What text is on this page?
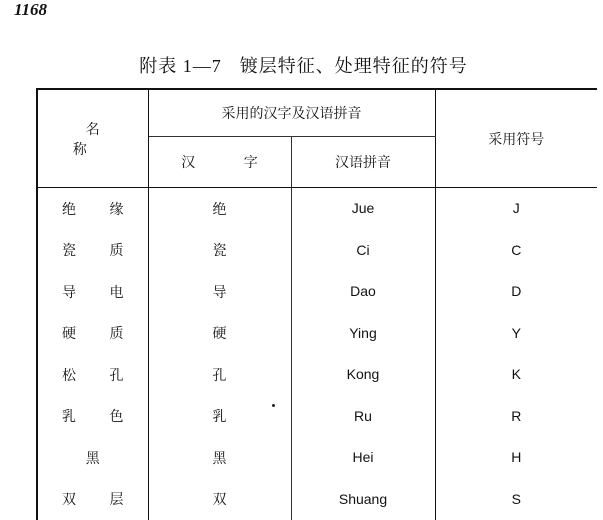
1168
附表 1—7 镀层特征、处理特征的符号
名 称	采用的汉字及汉语拼音		采用符号
	汉 字	汉语拼音	

绝 缘	绝	Jue	J

瓷 质	瓷	Ci	C

导 电	导	Dao	D

硬 质	硬	Ying	Y

松 孔	孔	Kong	K

乳 色	乳	Ru	R

黑	黑	Hei	H

双 层	双	Shuang	S
